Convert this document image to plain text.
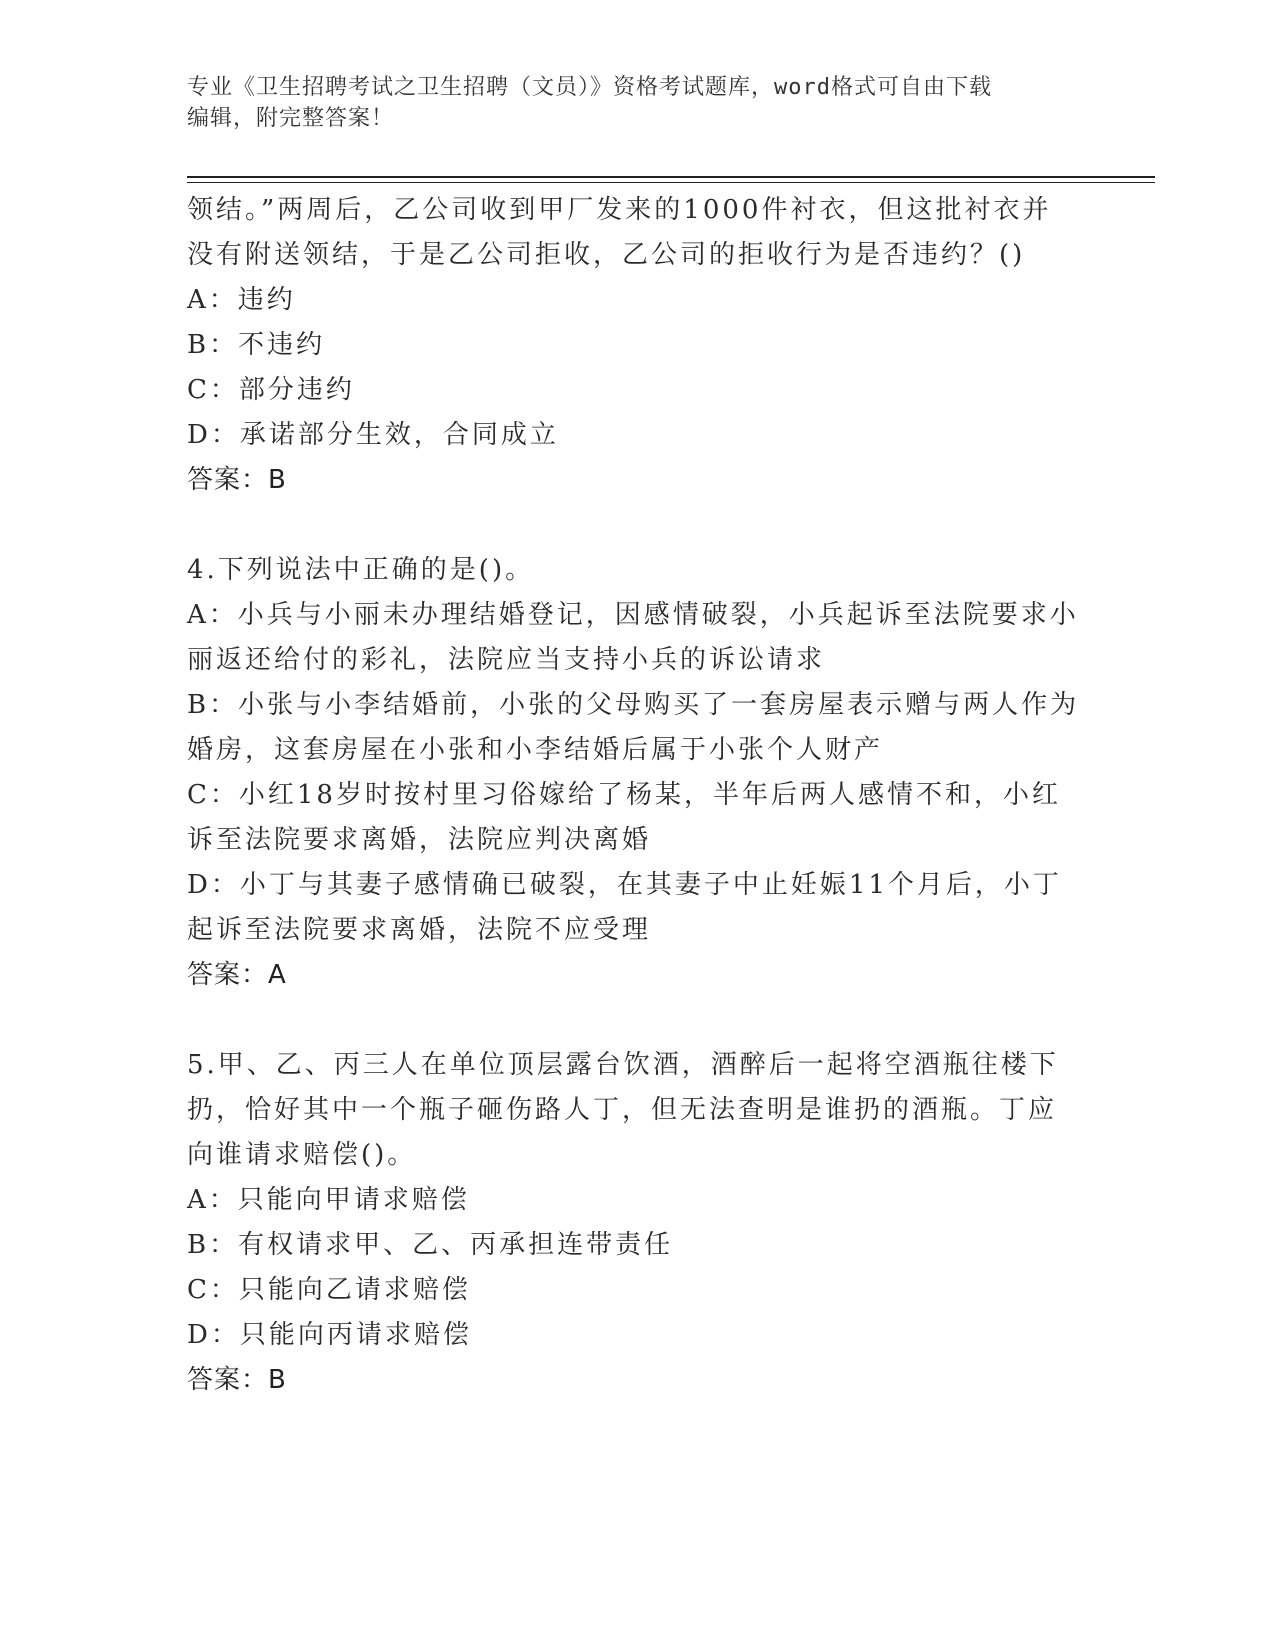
专业《卫生招聘考试之卫生招聘（文员）》资格考试题库，word格式可自由下载
编辑，附完整答案！
领结。”两周后，乙公司收到甲厂发来的1000件衬衣，但这批衬衣并
没有附送领结，于是乙公司拒收，乙公司的拒收行为是否违约？()
A：违约
B：不违约
C：部分违约
D：承诺部分生效，合同成立
答案：B
4.下列说法中正确的是()。
A：小兵与小丽未办理结婚登记，因感情破裂，小兵起诉至法院要求小
丽返还给付的彩礼，法院应当支持小兵的诉讼请求
B：小张与小李结婚前，小张的父母购买了一套房屋表示赠与两人作为
婚房，这套房屋在小张和小李结婚后属于小张个人财产
C：小红18岁时按村里习俗嫁给了杨某，半年后两人感情不和，小红
诉至法院要求离婚，法院应判决离婚
D：小丁与其妻子感情确已破裂，在其妻子中止妊娠11个月后，小丁
起诉至法院要求离婚，法院不应受理
答案：A
5.甲、乙、丙三人在单位顶层露台饮酒，酒醉后一起将空酒瓶往楼下
扔，恰好其中一个瓶子砸伤路人丁，但无法查明是谁扔的酒瓶。丁应
向谁请求赔偿()。
A：只能向甲请求赔偿
B：有权请求甲、乙、丙承担连带责任
C：只能向乙请求赔偿
D：只能向丙请求赔偿
答案：B
